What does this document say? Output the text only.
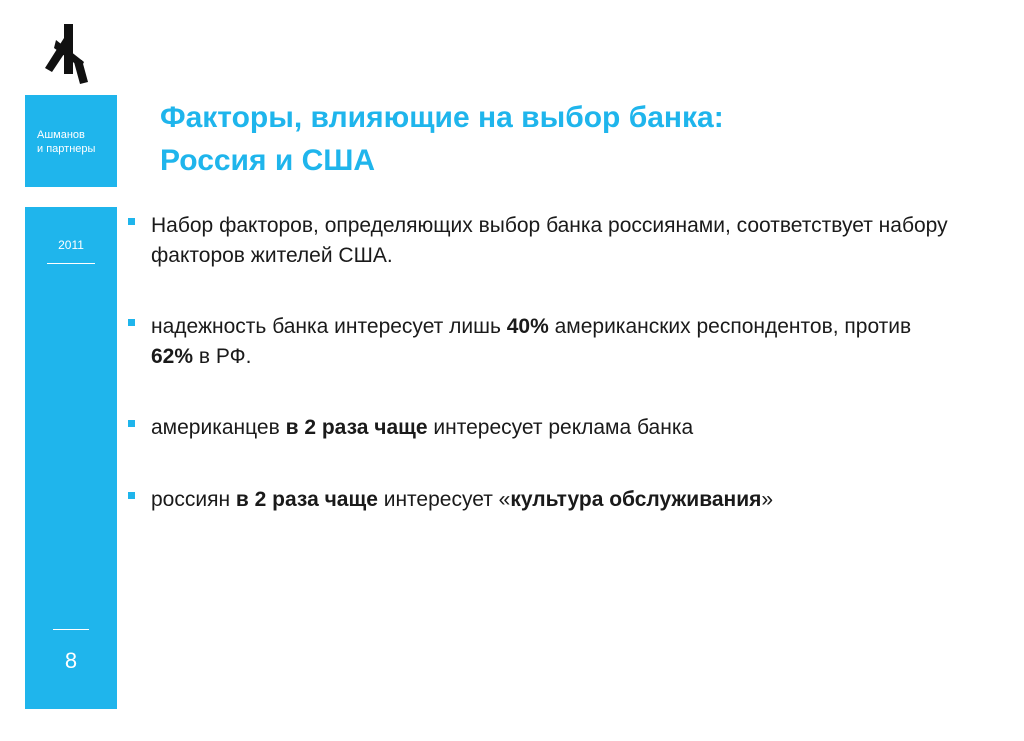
Ашманов
и партнеры
2011
8
Факторы, влияющие на выбор банка:
Россия и США
Набор факторов, определяющих выбор банка россиянами, соответствует набору факторов жителей США.
надежность банка интересует лишь 40% американских респондентов, против 62% в РФ.
американцев в 2 раза чаще интересует реклама банка
россиян в 2 раза чаще интересует «культура обслуживания»
